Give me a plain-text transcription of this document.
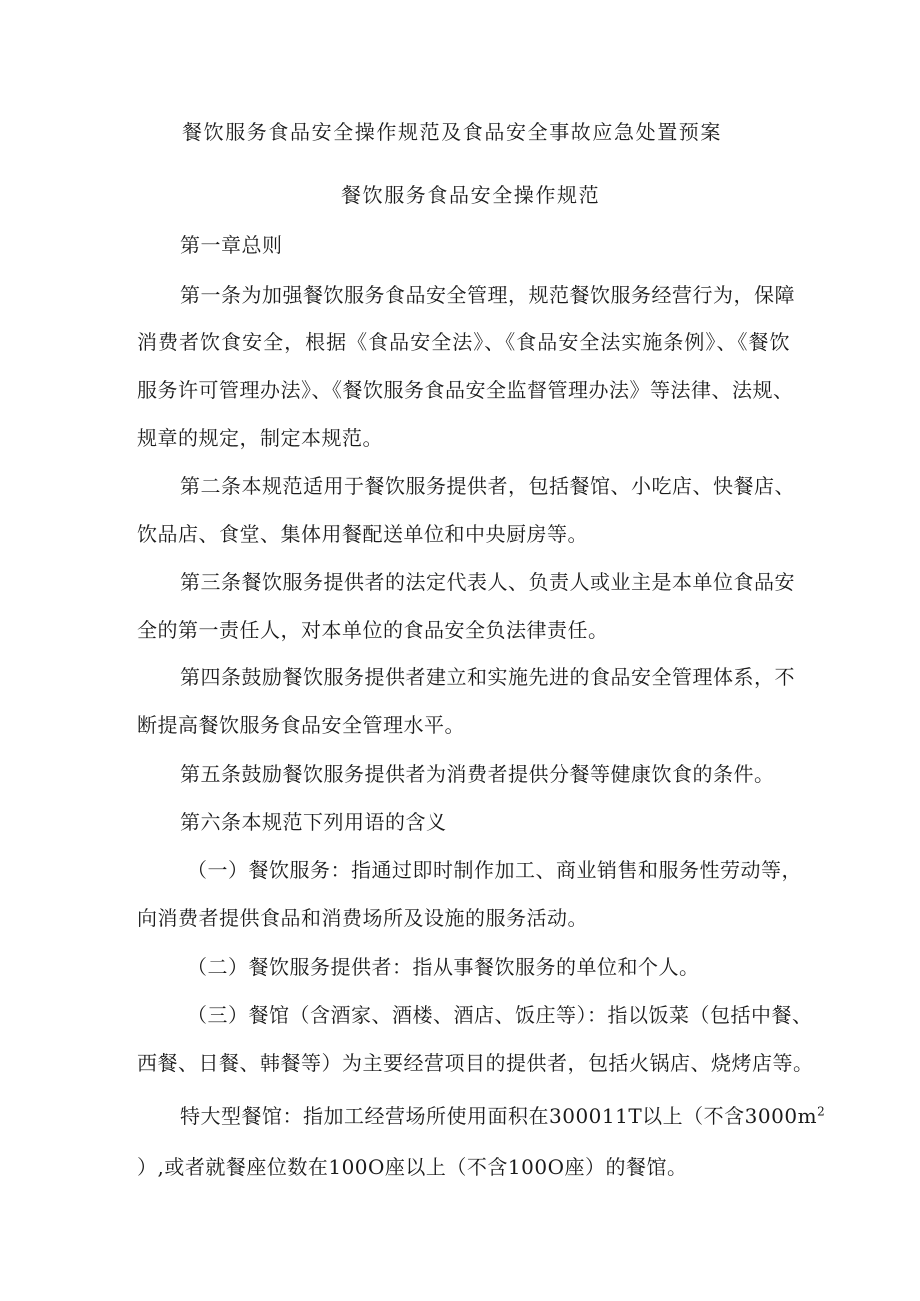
餐饮服务食品安全操作规范及食品安全事故应急处置预案
餐饮服务食品安全操作规范
第一章总则
第一条为加强餐饮服务食品安全管理，规范餐饮服务经营行为，保障
消费者饮食安全，根据《食品安全法》、《食品安全法实施条例》、《餐饮
服务许可管理办法》、《餐饮服务食品安全监督管理办法》等法律、法规、
规章的规定，制定本规范。
第二条本规范适用于餐饮服务提供者，包括餐馆、小吃店、快餐店、
饮品店、食堂、集体用餐配送单位和中央厨房等。
第三条餐饮服务提供者的法定代表人、负责人或业主是本单位食品安
全的第一责任人，对本单位的食品安全负法律责任。
第四条鼓励餐饮服务提供者建立和实施先进的食品安全管理体系，不
断提高餐饮服务食品安全管理水平。
第五条鼓励餐饮服务提供者为消费者提供分餐等健康饮食的条件。
第六条本规范下列用语的含义
（一）餐饮服务：指通过即时制作加工、商业销售和服务性劳动等，
向消费者提供食品和消费场所及设施的服务活动。
（二）餐饮服务提供者：指从事餐饮服务的单位和个人。
（三）餐馆（含酒家、酒楼、酒店、饭庄等）：指以饭菜（包括中餐、
西餐、日餐、韩餐等）为主要经营项目的提供者，包括火锅店、烧烤店等。
特大型餐馆：指加工经营场所使用面积在300011T以上（不含$3000m^2$
）,或者就餐座位数在100O座以上（不含100O座）的餐馆。
